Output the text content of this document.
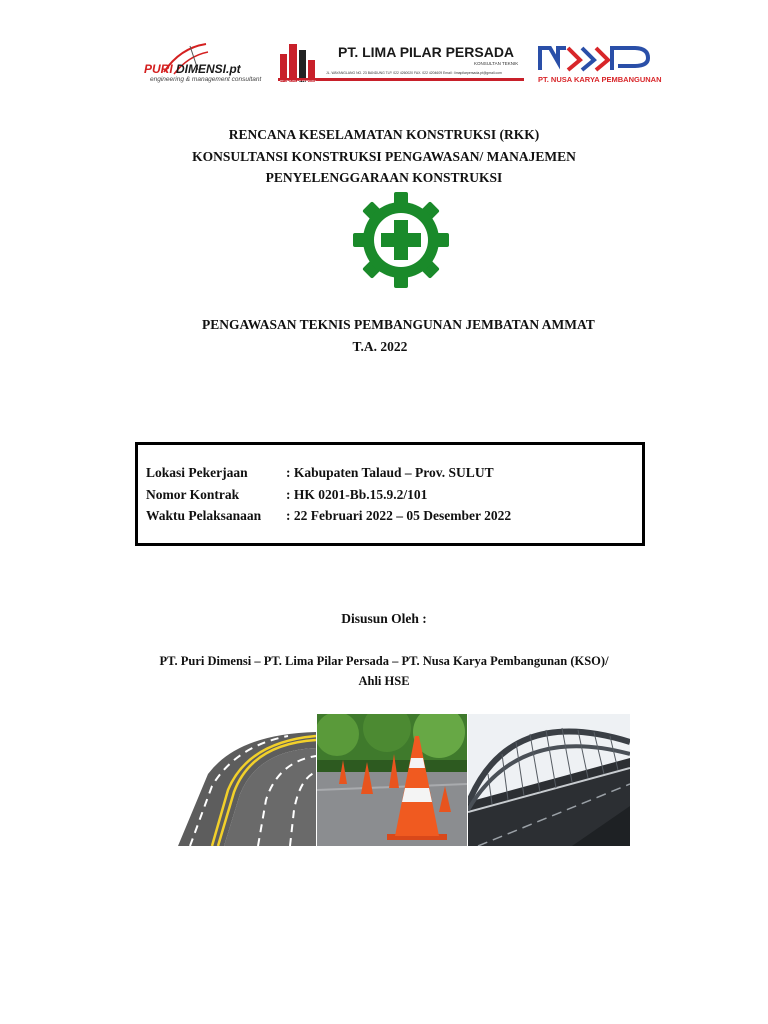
PURI DIMENSI.pt
engineering & management consultant
PT. LIMA PILAR PERSADA
KONSULTAN TEKNIK
JL. WAYANGLANG NO. 23 BANDUNG TLP. 022 4260020 FAX. 022 4204609 Email : limapilarpersada.pt@gmail.com
PT LIMA PILAR PERSADA	PT. NUSA KARYA PEMBANGUNAN
RENCANA KESELAMATAN KONSTRUKSI (RKK)
KONSULTANSI KONSTRUKSI PENGAWASAN/ MANAJEMEN
PENYELENGGARAAN KONSTRUKSI
PENGAWASAN TEKNIS PEMBANGUNAN JEMBATAN AMMAT
T.A. 2022
Lokasi Pekerjaan	: Kabupaten Talaud – Prov. SULUT
Nomor Kontrak	: HK 0201-Bb.15.9.2/101
Waktu Pelaksanaan : 22 Februari 2022 – 05 Desember 2022
Disusun Oleh :
PT. Puri Dimensi – PT. Lima Pilar Persada – PT. Nusa Karya Pembangunan (KSO)/
Ahli HSE
